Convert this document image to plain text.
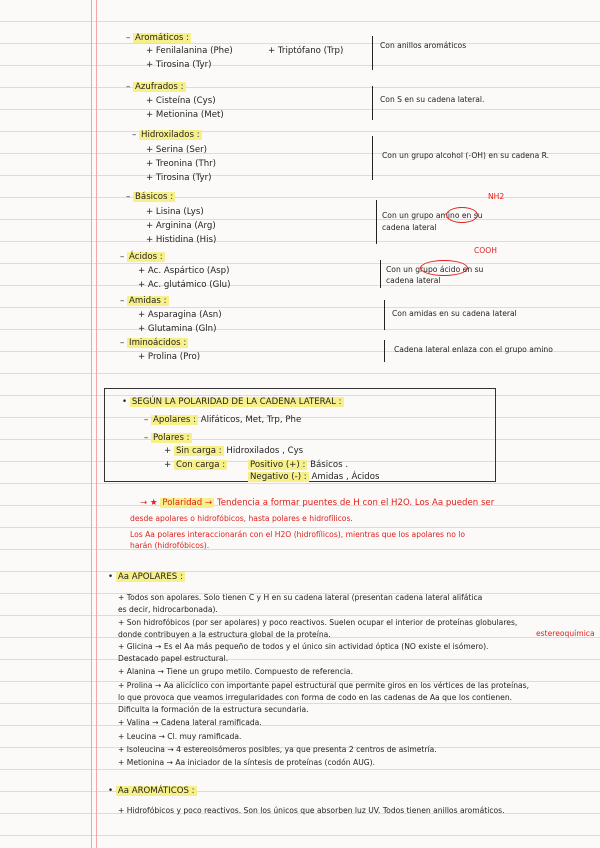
– Aromáticos :
+ Fenilalanina (Phe)
+ Tirosina (Tyr)
+ Triptófano (Trp)
Con anillos aromáticos
– Azufrados :
+ Cisteína (Cys)
+ Metionina (Met)
Con S en su cadena lateral.
– Hidroxilados :
+ Serina (Ser)
+ Treonina (Thr)
+ Tirosina (Tyr)
Con un grupo alcohol (-OH) en su cadena R.
– Básicos :
+ Lisina (Lys)
+ Arginina (Arg)
+ Histidina (His)
Con un grupo amino en su
cadena lateral
NH2
– Ácidos :
+ Ac. Aspártico (Asp)
+ Ac. glutámico (Glu)
Con un grupo ácido en su
cadena lateral
COOH
– Amidas :
+ Asparagina (Asn)
+ Glutamina (Gln)
Con amidas en su cadena lateral
– Iminoácidos :
+ Prolina (Pro)
Cadena lateral enlaza con el grupo amino
• SEGÚN LA POLARIDAD DE LA CADENA LATERAL :
– Apolares : Alifáticos, Met, Trp, Phe
– Polares :
+ Sin carga : Hidroxilados , Cys
+ Con carga :	Positivo (+) : Básicos .
Negativo (-) : Amidas , Ácidos
→ ★ Polaridad → Tendencia a formar puentes de H con el H2O. Los Aa pueden ser
desde apolares o hidrofóbicos, hasta polares e hidrofílicos.
Los Aa polares interaccionarán con el H2O (hidrofílicos), mientras que los apolares no lo
harán (hidrofóbicos).
• Aa APOLARES :
+ Todos son apolares. Solo tienen C y H en su cadena lateral (presentan cadena lateral alifática
es decir, hidrocarbonada).
+ Son hidrofóbicos (por ser apolares) y poco reactivos. Suelen ocupar el interior de proteínas globulares,
donde contribuyen a la estructura global de la proteína.	estereoquímica
+ Glicina → Es el Aa más pequeño de todos y el único sin actividad óptica (NO existe el isómero).
Destacado papel estructural.
+ Alanina → Tiene un grupo metilo. Compuesto de referencia.
+ Prolina → Aa alicíclico con importante papel estructural que permite giros en los vértices de las proteínas,
lo que provoca que veamos irregularidades con forma de codo en las cadenas de Aa que los contienen.
Dificulta la formación de la estructura secundaria.
+ Valina → Cadena lateral ramificada.
+ Leucina → Cl. muy ramificada.
+ Isoleucina → 4 estereoisómeros posibles, ya que presenta 2 centros de asimetría.
+ Metionina → Aa iniciador de la síntesis de proteínas (codón AUG).
• Aa AROMÁTICOS :
+ Hidrofóbicos y poco reactivos. Son los únicos que absorben luz UV. Todos tienen anillos aromáticos.
